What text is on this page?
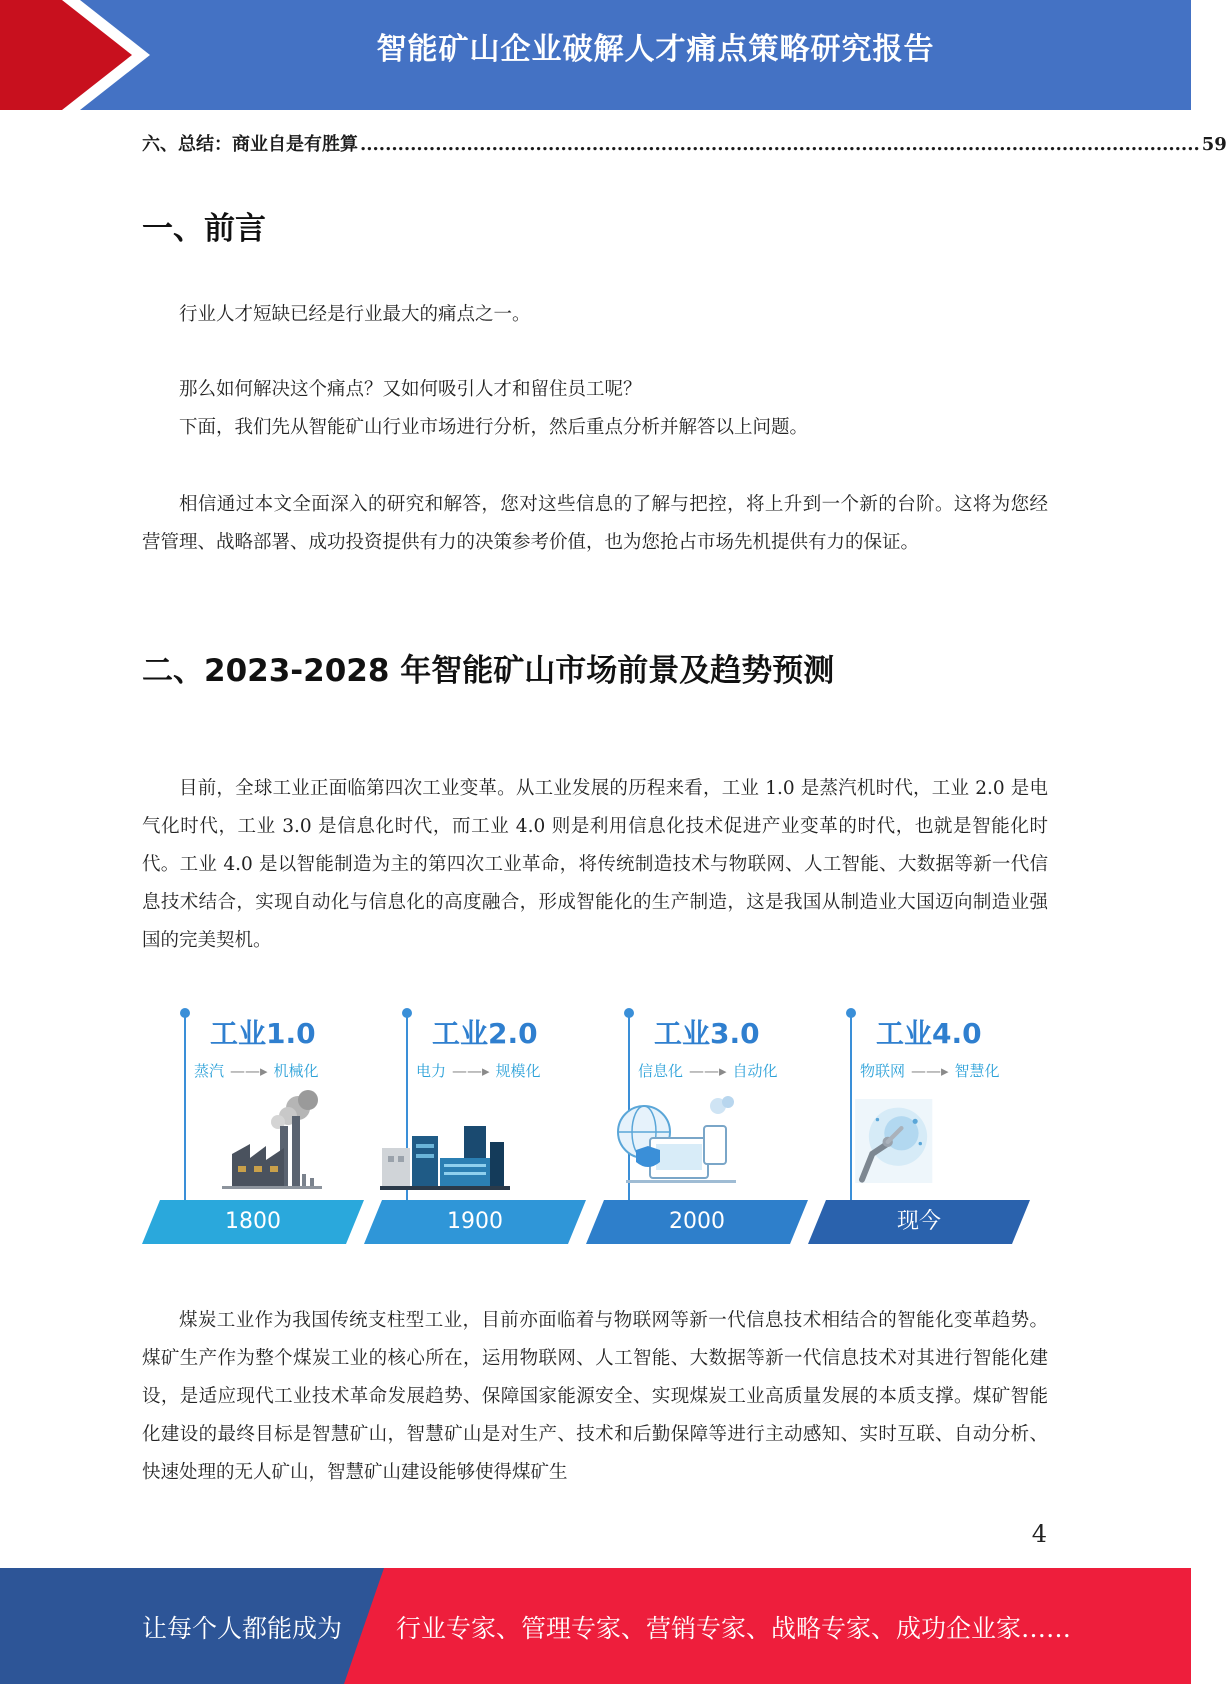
智能矿山企业破解人才痛点策略研究报告
六、总结：商业自是有胜算 ...................................................................................................................................... 59
一、前言
行业人才短缺已经是行业最大的痛点之一。
那么如何解决这个痛点？又如何吸引人才和留住员工呢？
下面，我们先从智能矿山行业市场进行分析，然后重点分析并解答以上问题。
相信通过本文全面深入的研究和解答，您对这些信息的了解与把控，将上升到一个新的台阶。这将为您经营管理、战略部署、成功投资提供有力的决策参考价值，也为您抢占市场先机提供有力的保证。
二、2023-2028 年智能矿山市场前景及趋势预测
目前，全球工业正面临第四次工业变革。从工业发展的历程来看，工业 1.0 是蒸汽机时代，工业 2.0 是电气化时代，工业 3.0 是信息化时代，而工业 4.0 则是利用信息化技术促进产业变革的时代，也就是智能化时代。工业 4.0 是以智能制造为主的第四次工业革命，将传统制造技术与物联网、人工智能、大数据等新一代信息技术结合，实现自动化与信息化的高度融合，形成智能化的生产制造，这是我国从制造业大国迈向制造业强国的完美契机。
工业1.0
蒸汽 ——▸ 机械化
1800
工业2.0
电力 ——▸ 规模化
1900
工业3.0
信息化 ——▸ 自动化
2000
工业4.0
物联网 ——▸ 智慧化
现今
煤炭工业作为我国传统支柱型工业，目前亦面临着与物联网等新一代信息技术相结合的智能化变革趋势。煤矿生产作为整个煤炭工业的核心所在，运用物联网、人工智能、大数据等新一代信息技术对其进行智能化建设，是适应现代工业技术革命发展趋势、保障国家能源安全、实现煤炭工业高质量发展的本质支撑。煤矿智能化建设的最终目标是智慧矿山，智慧矿山是对生产、技术和后勤保障等进行主动感知、实时互联、自动分析、快速处理的无人矿山，智慧矿山建设能够使得煤矿生
4
让每个人都能成为 行业专家、管理专家、营销专家、战略专家、成功企业家……
